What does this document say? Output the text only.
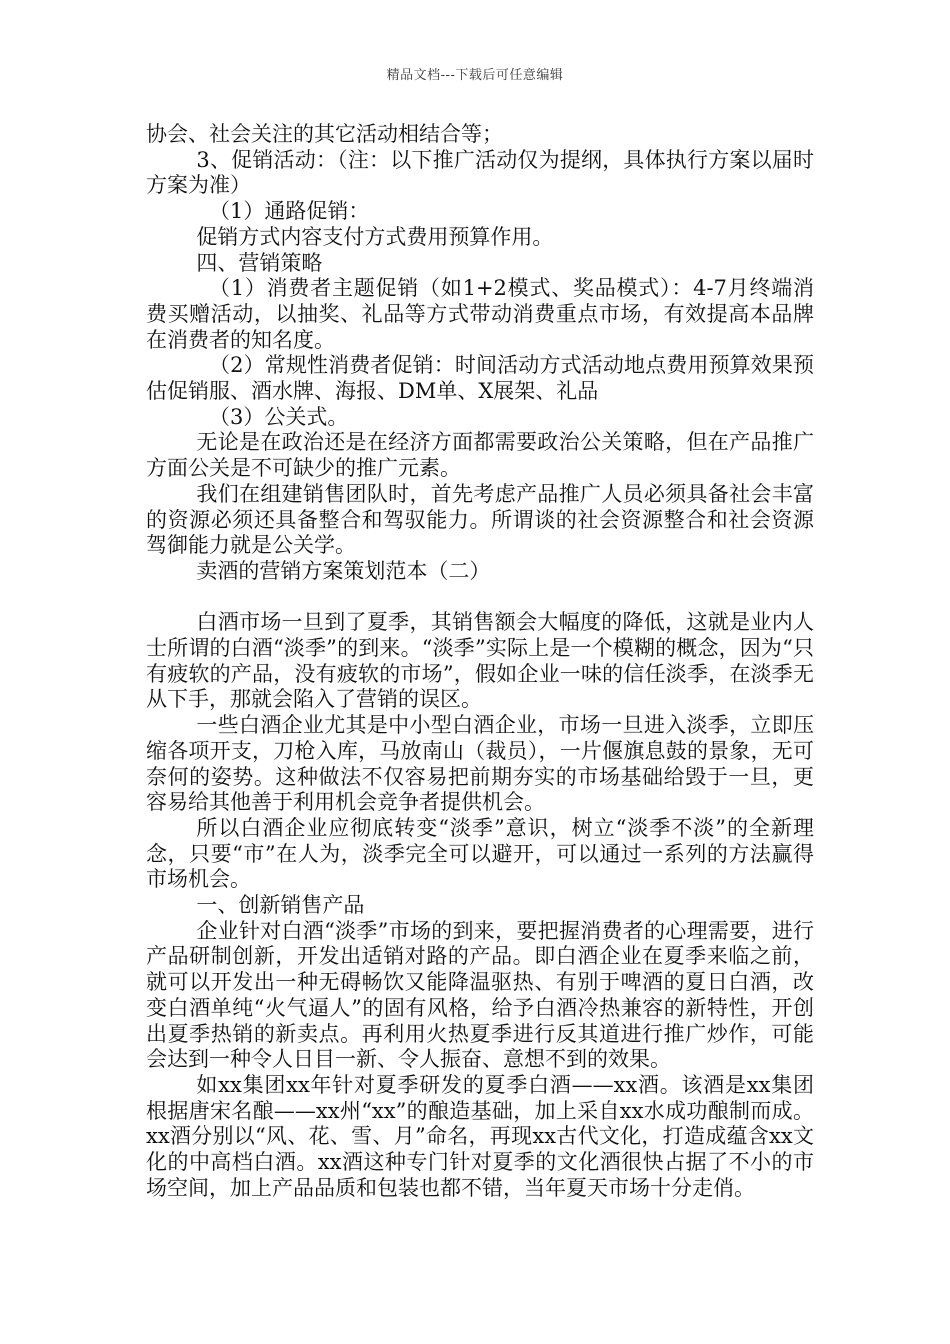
精品文档---下载后可任意编辑

协会、社会关注的其它活动相结合等；

3、促销活动：（注：以下推广活动仅为提纲，具体执行方案以届时方案为准）

（1）通路促销：

促销方式内容支付方式费用预算作用。

四、营销策略

（1）消费者主题促销（如1+2模式、奖品模式）：4-7月终端消费买赠活动，以抽奖、礼品等方式带动消费重点市场，有效提高本品牌在消费者的知名度。

（2）常规性消费者促销：时间活动方式活动地点费用预算效果预估促销服、酒水牌、海报、DM单、X展架、礼品

（3）公关式。

无论是在政治还是在经济方面都需要政治公关策略，但在产品推广方面公关是不可缺少的推广元素。

我们在组建销售团队时，首先考虑产品推广人员必须具备社会丰富的资源必须还具备整合和驾驭能力。所谓谈的社会资源整合和社会资源驾御能力就是公关学。

卖酒的营销方案策划范本（二）

白酒市场一旦到了夏季，其销售额会大幅度的降低，这就是业内人士所谓的白酒“淡季”的到来。“淡季”实际上是一个模糊的概念，因为“只有疲软的产品，没有疲软的市场”，假如企业一味的信任淡季，在淡季无从下手，那就会陷入了营销的误区。

一些白酒企业尤其是中小型白酒企业，市场一旦进入淡季，立即压缩各项开支，刀枪入库，马放南山（裁员），一片偃旗息鼓的景象，无可奈何的姿势。这种做法不仅容易把前期夯实的市场基础给毁于一旦，更容易给其他善于利用机会竞争者提供机会。

所以白酒企业应彻底转变“淡季”意识，树立“淡季不淡”的全新理念，只要“市”在人为，淡季完全可以避开，可以通过一系列的方法赢得市场机会。

一、创新销售产品

企业针对白酒“淡季”市场的到来，要把握消费者的心理需要，进行产品研制创新，开发出适销对路的产品。即白酒企业在夏季来临之前，就可以开发出一种无碍畅饮又能降温驱热、有别于啤酒的夏日白酒，改变白酒单纯“火气逼人”的固有风格，给予白酒冷热兼容的新特性，开创出夏季热销的新卖点。再利用火热夏季进行反其道进行推广炒作，可能会达到一种令人日目一新、令人振奋、意想不到的效果。

如xx集团xx年针对夏季研发的夏季白酒——xx酒。该酒是xx集团根据唐宋名酿——xx州“xx”的酿造基础，加上采自xx水成功酿制而成。xx酒分别以“风、花、雪、月”命名，再现xx古代文化，打造成蕴含xx文化的中高档白酒。xx酒这种专门针对夏季的文化酒很快占据了不小的市场空间，加上产品品质和包装也都不错，当年夏天市场十分走俏。
